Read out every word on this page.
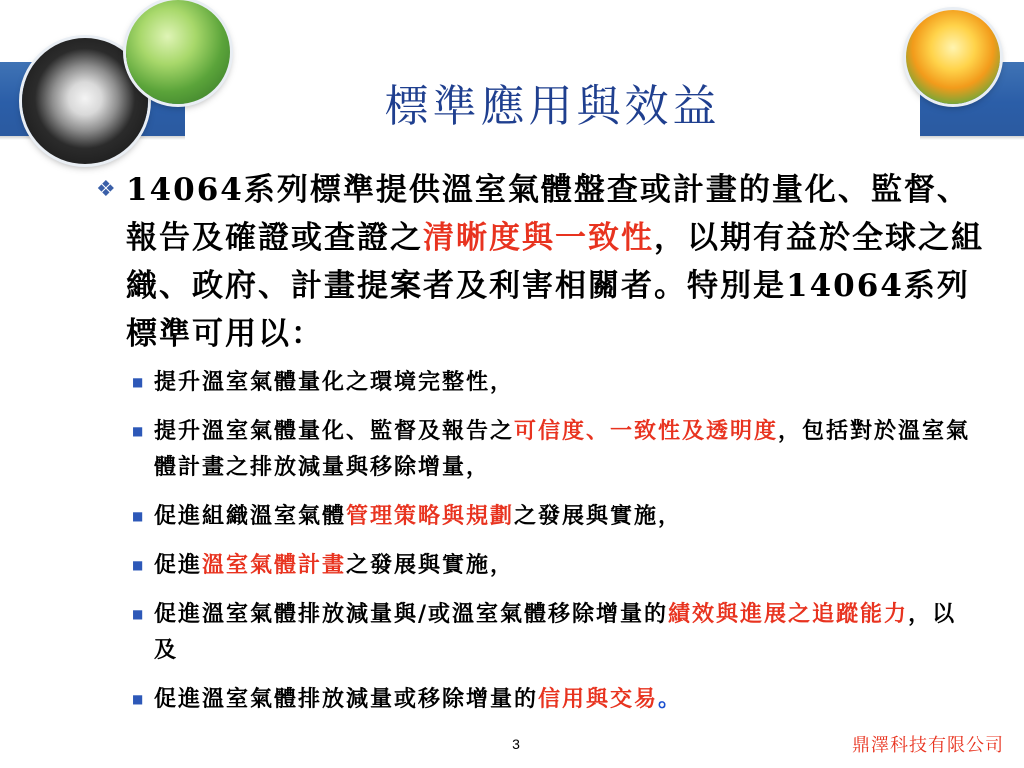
標準應用與效益
❖ 14064系列標準提供溫室氣體盤查或計畫的量化、監督、報告及確證或查證之清晰度與一致性，以期有益於全球之組織、政府、計畫提案者及利害相關者。特別是14064系列標準可用以：
■ 提升溫室氣體量化之環境完整性，
■ 提升溫室氣體量化、監督及報告之可信度、一致性及透明度，包括對於溫室氣體計畫之排放減量與移除增量，
■ 促進組織溫室氣體管理策略與規劃之發展與實施，
■ 促進溫室氣體計畫之發展與實施，
■ 促進溫室氣體排放減量與/或溫室氣體移除增量的績效與進展之追蹤能力，以及
■ 促進溫室氣體排放減量或移除增量的信用與交易。
3	鼎澤科技有限公司
